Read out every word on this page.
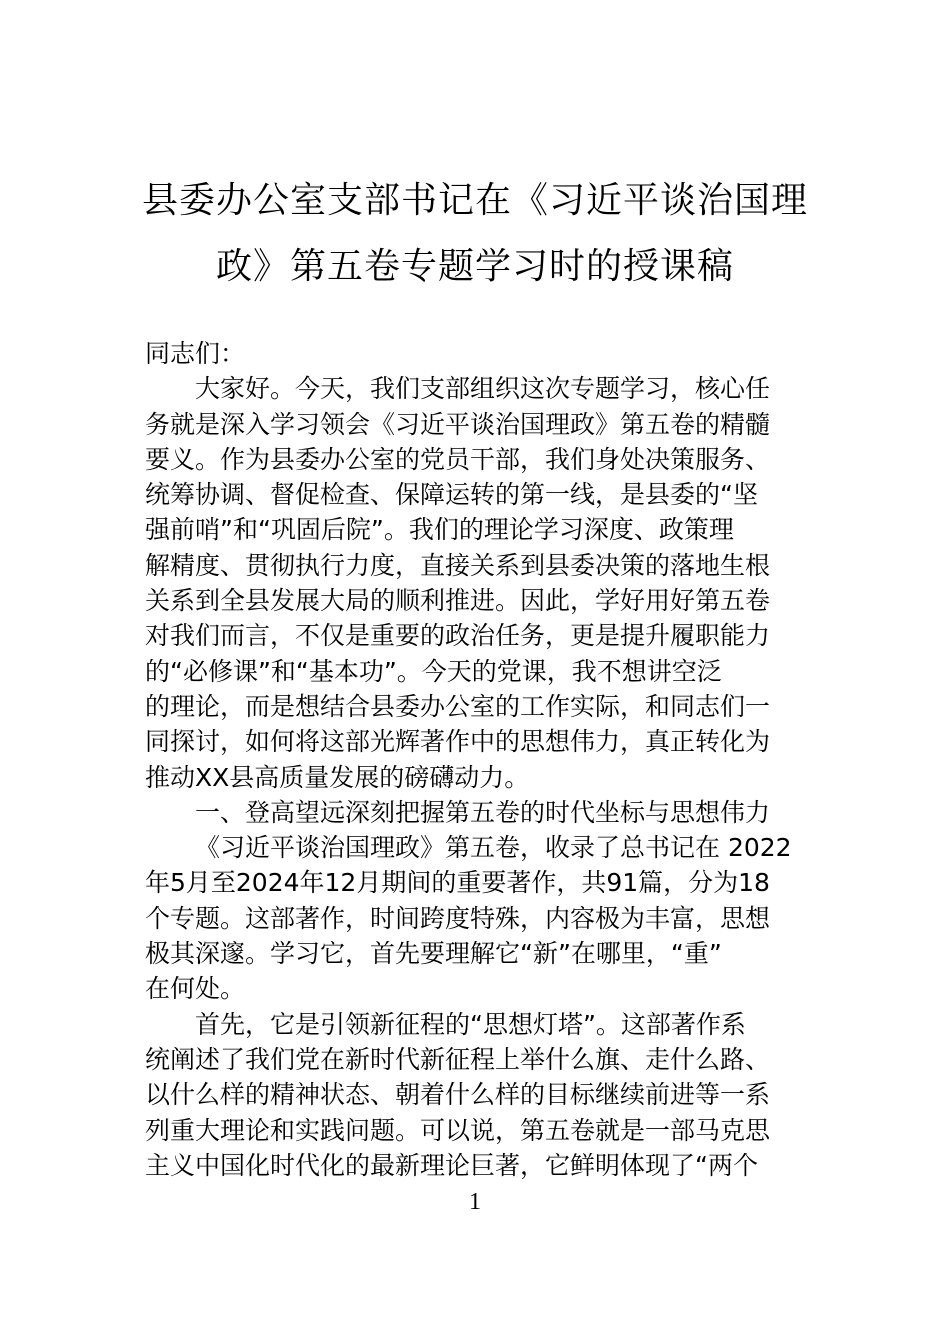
县委办公室支部书记在《习近平谈治国理
政》第五卷专题学习时的授课稿
同志们：
大家好。今天，我们支部组织这次专题学习，核心任
务就是深入学习领会《习近平谈治国理政》第五卷的精髓
要义。作为县委办公室的党员干部，我们身处决策服务、
统筹协调、督促检查、保障运转的第一线，是县委的“坚
强前哨”和“巩固后院”。我们的理论学习深度、政策理
解精度、贯彻执行力度，直接关系到县委决策的落地生根
关系到全县发展大局的顺利推进。因此，学好用好第五卷
对我们而言，不仅是重要的政治任务，更是提升履职能力
的“必修课”和“基本功”。今天的党课，我不想讲空泛
的理论，而是想结合县委办公室的工作实际，和同志们一
同探讨，如何将这部光辉著作中的思想伟力，真正转化为
推动XX县高质量发展的磅礴动力。
一、登高望远深刻把握第五卷的时代坐标与思想伟力
《习近平谈治国理政》第五卷，收录了总书记在 2022
年5月至2024年12月期间的重要著作，共91篇，分为18
个专题。这部著作，时间跨度特殊，内容极为丰富，思想
极其深邃。学习它，首先要理解它“新”在哪里，“重”
在何处。
首先，它是引领新征程的“思想灯塔”。这部著作系
统阐述了我们党在新时代新征程上举什么旗、走什么路、
以什么样的精神状态、朝着什么样的目标继续前进等一系
列重大理论和实践问题。可以说，第五卷就是一部马克思
主义中国化时代化的最新理论巨著，它鲜明体现了“两个
1
